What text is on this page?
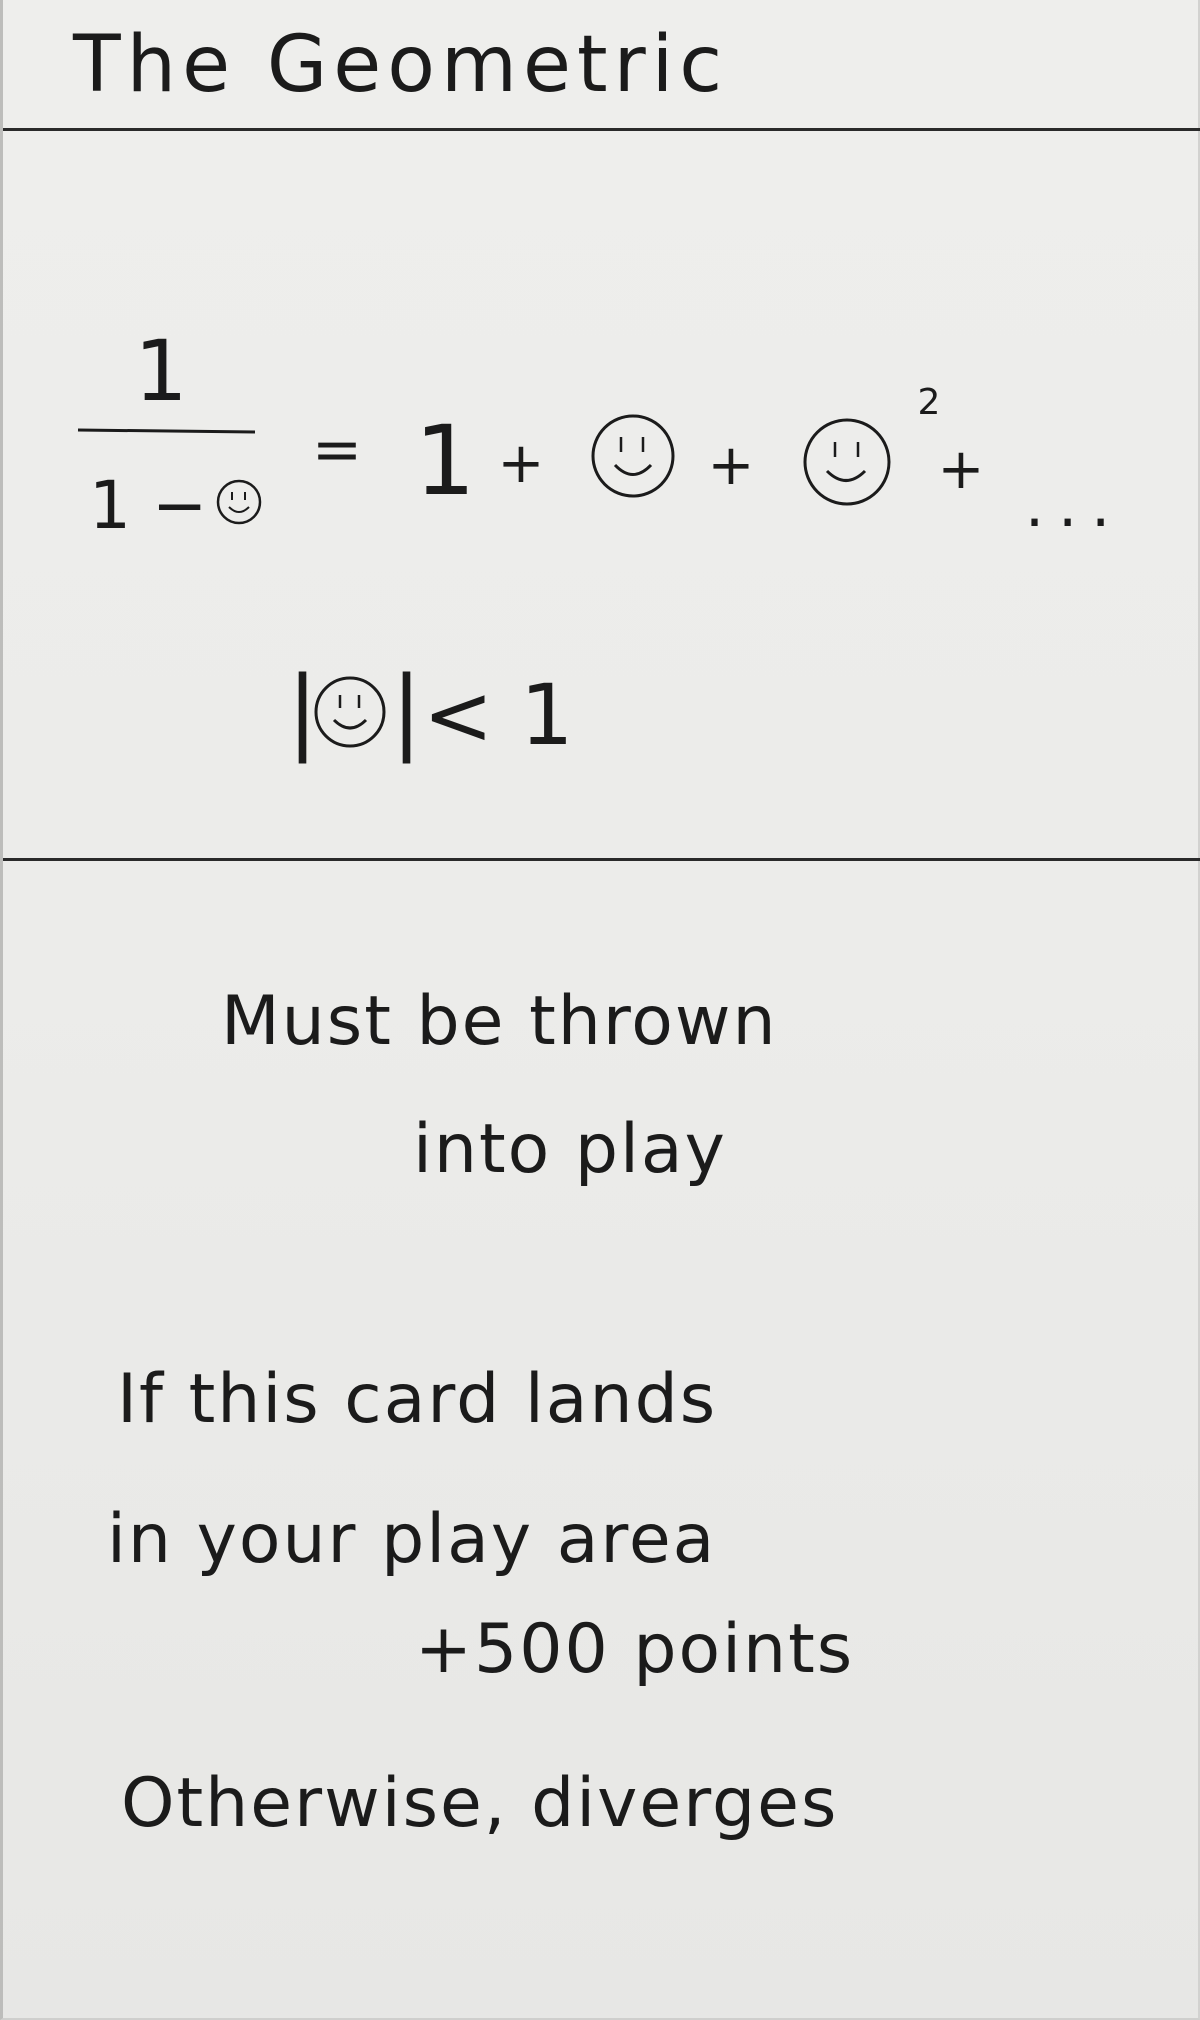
The Geometric
1
1 −
= 1 +	+
2
+
...
| | < 1

Must be thrown

into play

If this card lands

in your play area

+500 points

Otherwise, diverges
